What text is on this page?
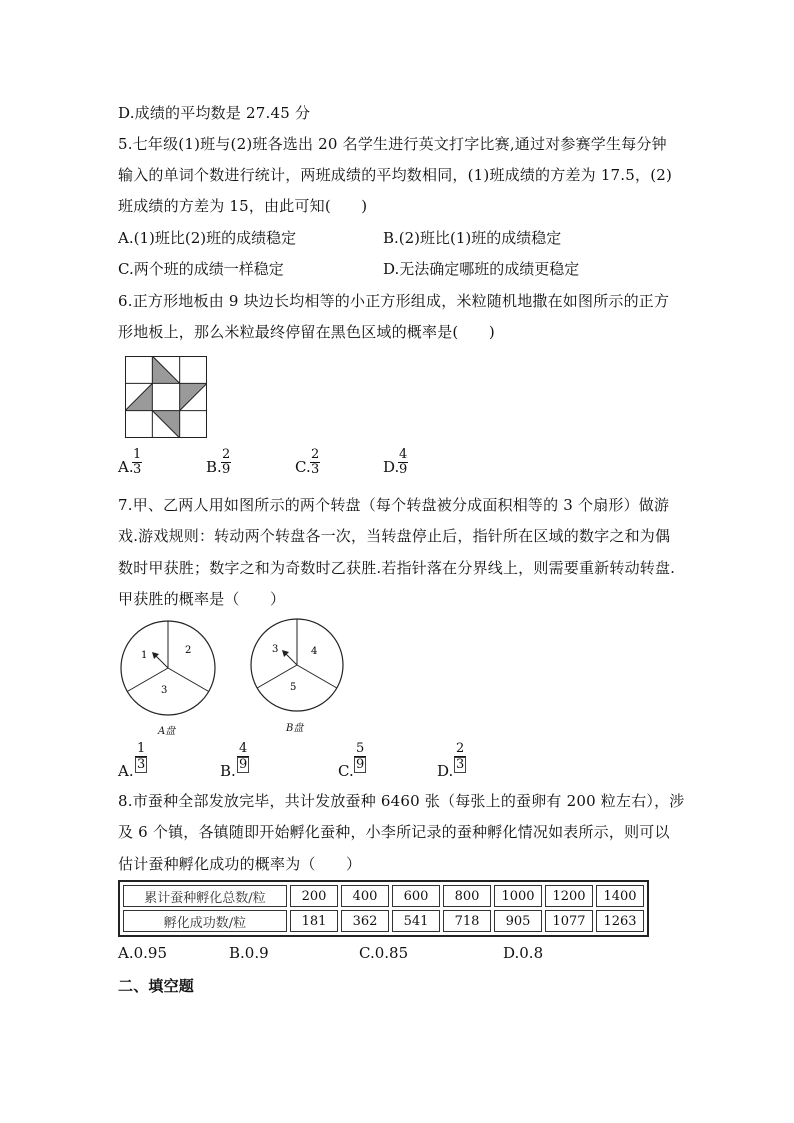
D.成绩的平均数是 27.45 分
5.七年级(1)班与(2)班各选出 20 名学生进行英文打字比赛,通过对参赛学生每分钟
输入的单词个数进行统计，两班成绩的平均数相同，(1)班成绩的方差为 17.5，(2)
班成绩的方差为 15，由此可知(　　)
A.(1)班比(2)班的成绩稳定	B.(2)班比(1)班的成绩稳定
C.两个班的成绩一样稳定	D.无法确定哪班的成绩更稳定
6.正方形地板由 9 块边长均相等的小正方形组成，米粒随机地撒在如图所示的正方
形地板上，那么米粒最终停留在黑色区域的概率是(　　)
A.
$\frac{1}{3}$	B. $\frac{2}{9}$	C. $\frac{2}{3}$	D.
$\frac{4}{9}$
7.甲、乙两人用如图所示的两个转盘（每个转盘被分成面积相等的 3 个扇形）做游
戏.游戏规则：转动两个转盘各一次，当转盘停止后，指针所在区域的数字之和为偶
数时甲获胜；数字之和为奇数时乙获胜.若指针落在分界线上，则需要重新转动转盘.
甲获胜的概率是（　　）
1	2
3
A盘
3	4
5
B盘
A. $\frac{1}{3}$	B. $\frac{4}{9}$	C. $\frac{5}{9}$	D. $\frac{2}{3}$
8.市蚕种全部发放完毕，共计发放蚕种 6460 张（每张上的蚕卵有 200 粒左右），涉
及 6 个镇，各镇随即开始孵化蚕种，小李所记录的蚕种孵化情况如表所示，则可以
估计蚕种孵化成功的概率为（　　）
累计蚕种孵化总数/粒	200	400	600	800	1000	1200	1400
孵化成功数/粒	181	362	541	718	905	1077	1263
A.0.95	B.0.9	C.0.85	D.0.8
二、填空题
